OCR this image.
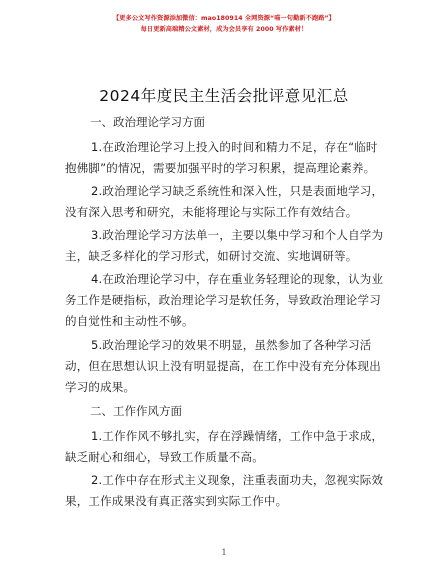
【更多公文写作资源添加微信：mao180914 全网资源“喵一句勤新不跑路”】
每日更新高端精公文素材，成为会员享有 2000 写作素材！
2024年度民主生活会批评意见汇总
一、政治理论学习方面
1.在政治理论学习上投入的时间和精力不足，存在“临时
抱佛脚”的情况，需要加强平时的学习积累，提高理论素养。
2.政治理论学习缺乏系统性和深入性，只是表面地学习，
没有深入思考和研究，未能将理论与实际工作有效结合。
3.政治理论学习方法单一，主要以集中学习和个人自学为
主，缺乏多样化的学习形式，如研讨交流、实地调研等。
4.在政治理论学习中，存在重业务轻理论的现象，认为业
务工作是硬指标，政治理论学习是软任务，导致政治理论学习
的自觉性和主动性不够。
5.政治理论学习的效果不明显，虽然参加了各种学习活
动，但在思想认识上没有明显提高，在工作中没有充分体现出
学习的成果。
二、工作作风方面
1.工作作风不够扎实，存在浮躁情绪，工作中急于求成，
缺乏耐心和细心，导致工作质量不高。
2.工作中存在形式主义现象，注重表面功夫，忽视实际效
果，工作成果没有真正落实到实际工作中。
1
